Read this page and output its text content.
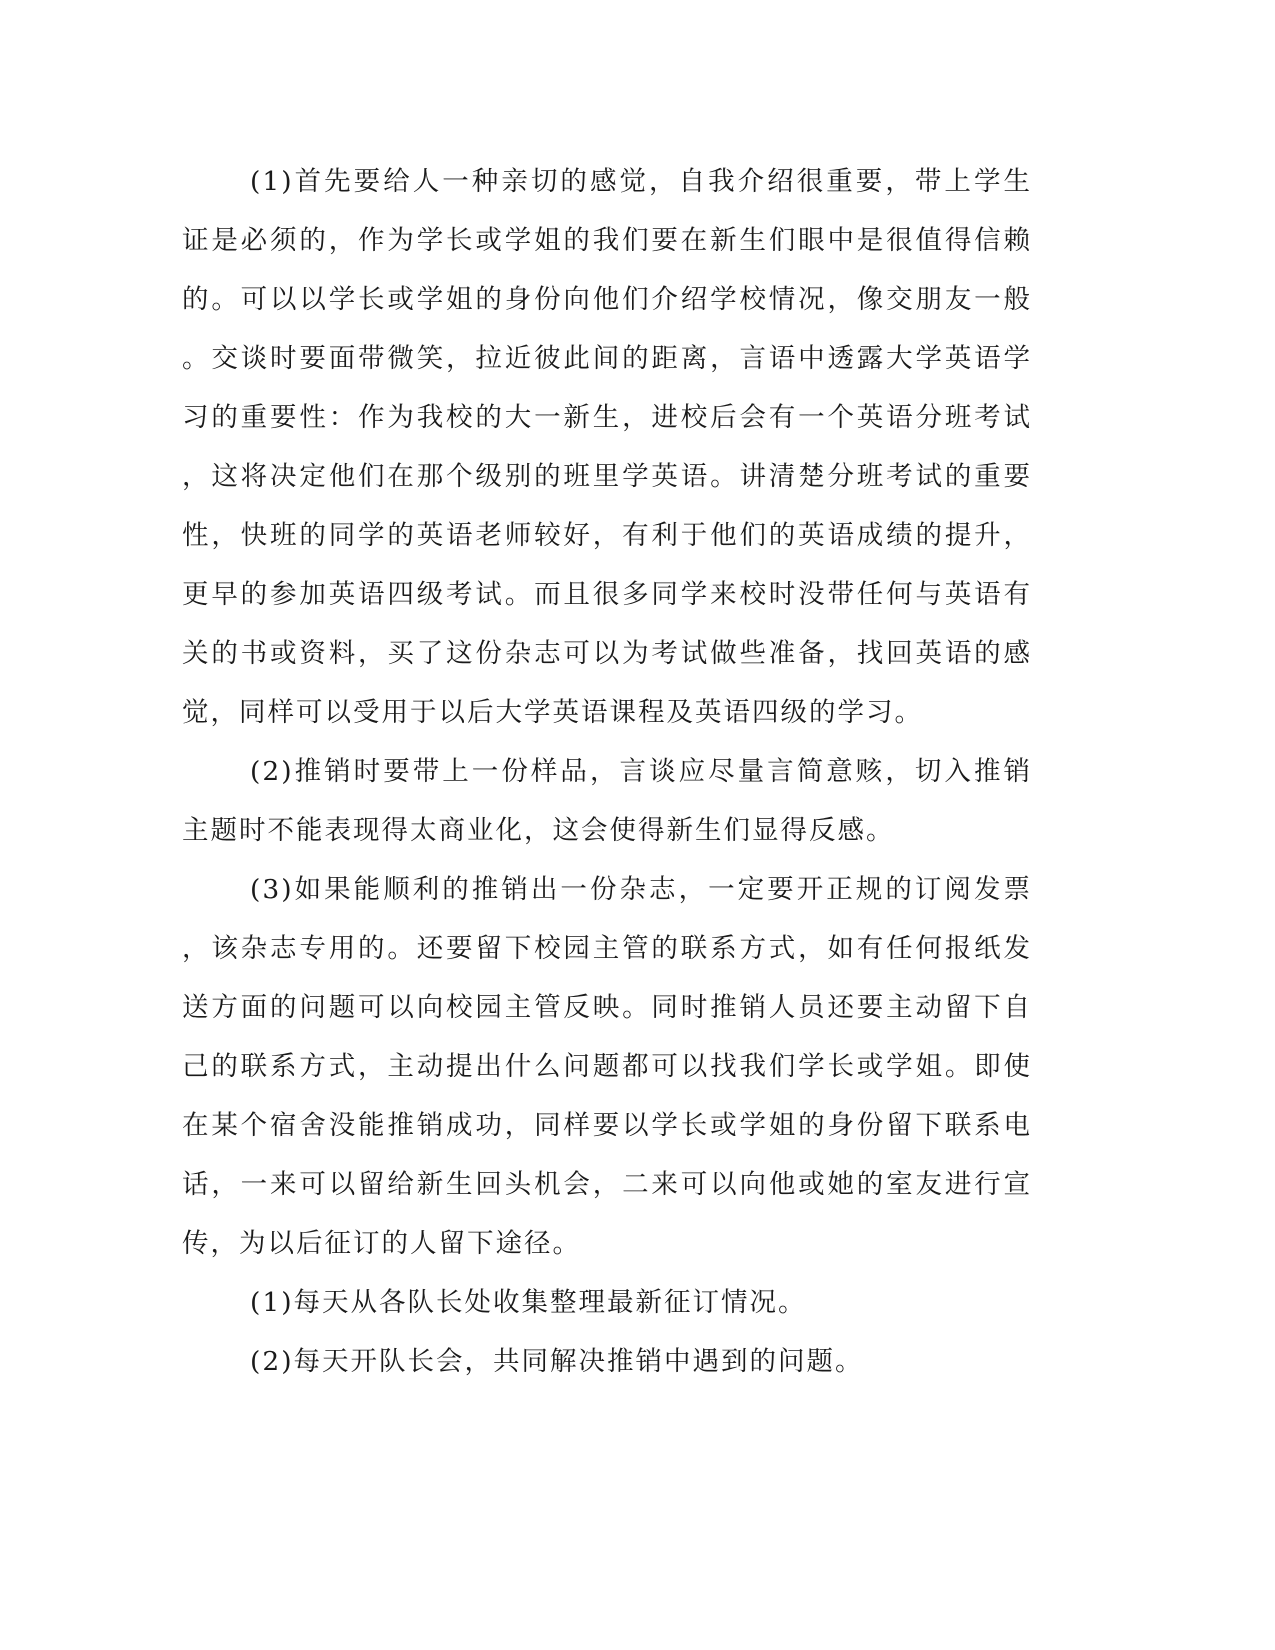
(1)首先要给人一种亲切的感觉，自我介绍很重要，带上学生证是必须的，作为学长或学姐的我们要在新生们眼中是很值得信赖的。可以以学长或学姐的身份向他们介绍学校情况，像交朋友一般。交谈时要面带微笑，拉近彼此间的距离，言语中透露大学英语学习的重要性：作为我校的大一新生，进校后会有一个英语分班考试，这将决定他们在那个级别的班里学英语。讲清楚分班考试的重要性，快班的同学的英语老师较好，有利于他们的英语成绩的提升，更早的参加英语四级考试。而且很多同学来校时没带任何与英语有关的书或资料，买了这份杂志可以为考试做些准备，找回英语的感觉，同样可以受用于以后大学英语课程及英语四级的学习。

(2)推销时要带上一份样品，言谈应尽量言简意赅，切入推销主题时不能表现得太商业化，这会使得新生们显得反感。

(3)如果能顺利的推销出一份杂志，一定要开正规的订阅发票，该杂志专用的。还要留下校园主管的联系方式，如有任何报纸发送方面的问题可以向校园主管反映。同时推销人员还要主动留下自己的联系方式，主动提出什么问题都可以找我们学长或学姐。即使在某个宿舍没能推销成功，同样要以学长或学姐的身份留下联系电话，一来可以留给新生回头机会，二来可以向他或她的室友进行宣传，为以后征订的人留下途径。

(1)每天从各队长处收集整理最新征订情况。

(2)每天开队长会，共同解决推销中遇到的问题。
